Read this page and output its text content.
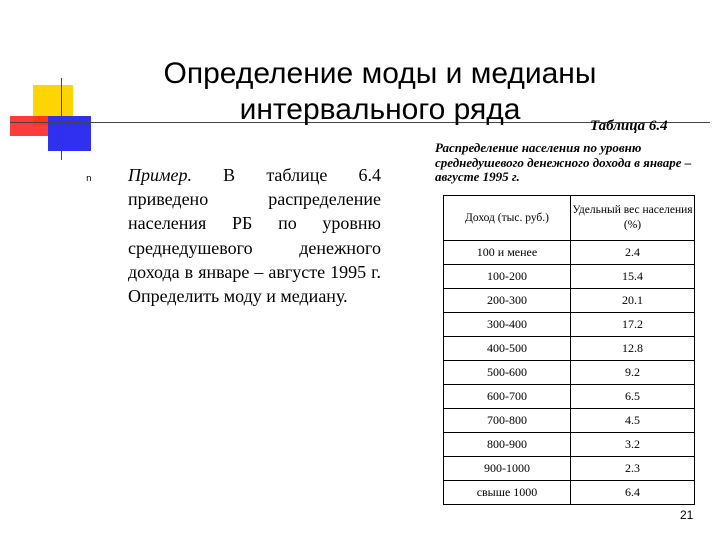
Определение моды и медианы
интервального ряда	Таблица 6.4
n Пример. В таблице 6.4 приведено распределение населения РБ по уровню среднедушевого денежного дохода в январе – августе 1995 г. Определить моду и медиану.
Распределение населения по уровню среднедушевого денежного дохода в январе – августе 1995 г.
Доход (тыс. руб.)	Удельный вес населения (%)
100 и менее	2.4
100-200	15.4
200-300	20.1
300-400	17.2
400-500	12.8
500-600	9.2
600-700	6.5
700-800	4.5
800-900	3.2
900-1000	2.3
свыше 1000	6.4
21
